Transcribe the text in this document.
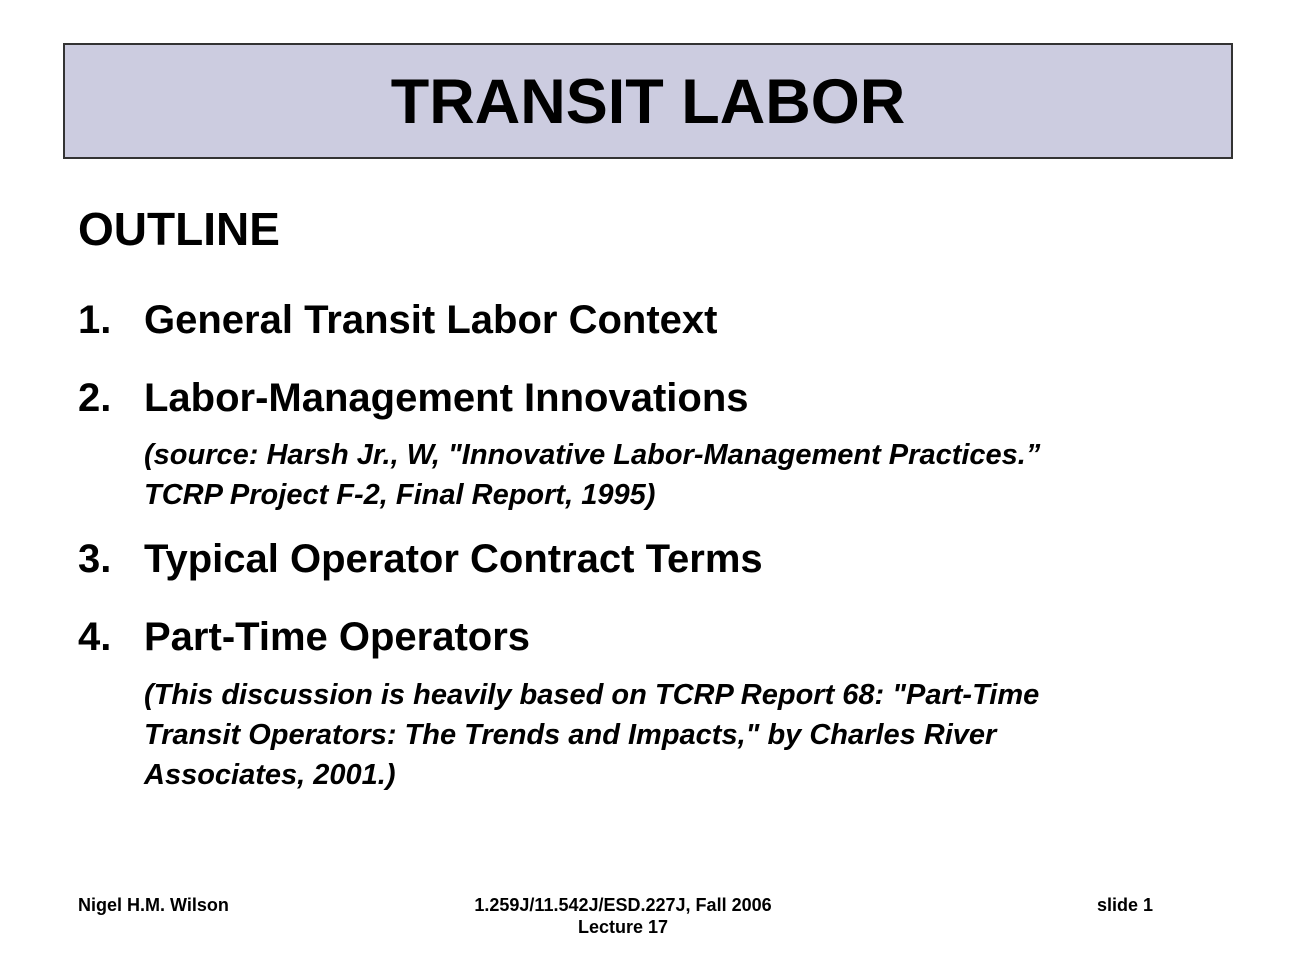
TRANSIT LABOR
OUTLINE
1. General Transit Labor Context
2. Labor-Management Innovations
(source: Harsh Jr., W, "Innovative Labor-Management Practices.”
TCRP Project F-2, Final Report, 1995)
3. Typical Operator Contract Terms
4. Part-Time Operators
(This discussion is heavily based on TCRP Report 68: "Part-Time
Transit Operators: The Trends and Impacts," by Charles River
Associates, 2001.)
Nigel H.M. Wilson	1.259J/11.542J/ESD.227J, Fall 2006
Lecture 17
slide 1
